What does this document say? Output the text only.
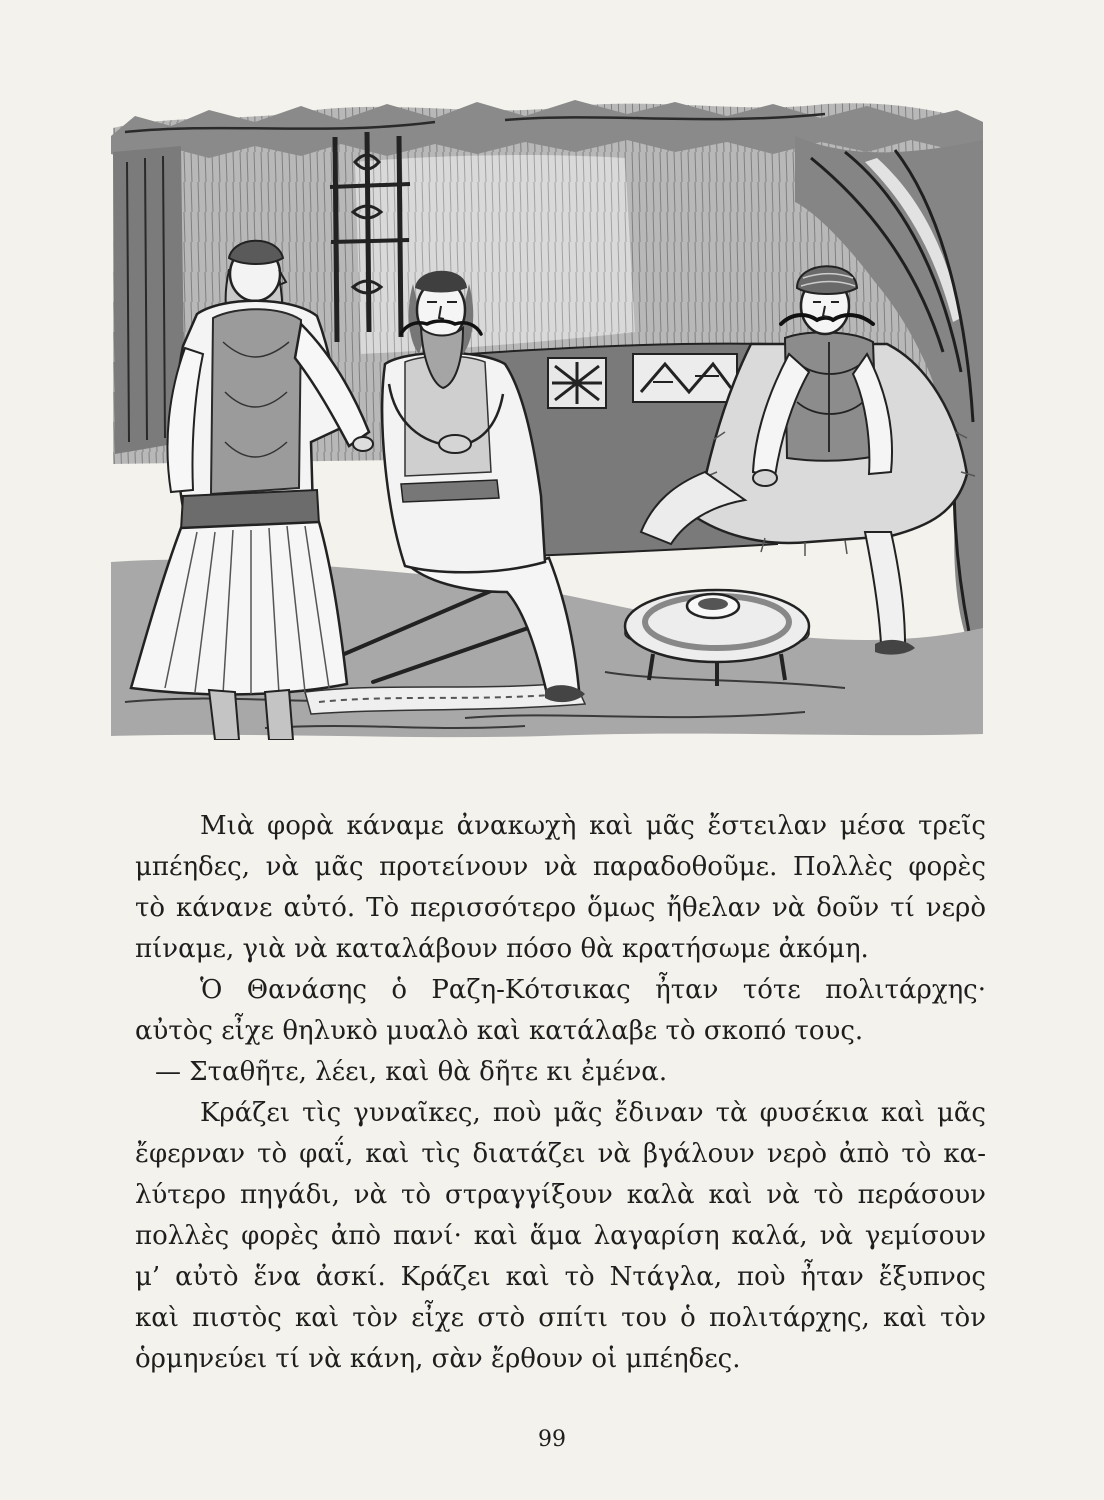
Μιὰ φορὰ κάναμε ἀνακωχὴ καὶ μᾶς ἔστειλαν μέσα τρεῖς
μπέηδες, νὰ μᾶς προτείνουν νὰ παραδοθοῦμε. Πολλὲς φορὲς
τὸ κάνανε αὐτό. Τὸ περισσότερο ὅμως ἤθελαν νὰ δοῦν τί νερὸ
πίναμε, γιὰ νὰ καταλάβουν πόσο θὰ κρατήσωμε ἀκόμη.
Ὁ Θανάσης ὁ Ραζη-Κότσικας ἦταν τότε πολιτάρχης·
αὐτὸς εἶχε θηλυκὸ μυαλὸ καὶ κατάλαβε τὸ σκοπό τους.
— Σταθῆτε, λέει, καὶ θὰ δῆτε κι ἐμένα.
Κράζει τὶς γυναῖκες, ποὺ μᾶς ἔδιναν τὰ φυσέκια καὶ μᾶς
ἔφερναν τὸ φαΐ, καὶ τὶς διατάζει νὰ βγάλουν νερὸ ἀπὸ τὸ κα-
λύτερο πηγάδι, νὰ τὸ στραγγίξουν καλὰ καὶ νὰ τὸ περάσουν
πολλὲς φορὲς ἀπὸ πανί· καὶ ἅμα λαγαρίση καλά, νὰ γεμίσουν
μ’ αὐτὸ ἕνα ἀσκί. Κράζει καὶ τὸ Ντάγλα, ποὺ ἦταν ἔξυπνος
καὶ πιστὸς καὶ τὸν εἶχε στὸ σπίτι του ὁ πολιτάρχης, καὶ τὸν
ὁρμηνεύει τί νὰ κάνη, σὰν ἔρθουν οἱ μπέηδες.
99
